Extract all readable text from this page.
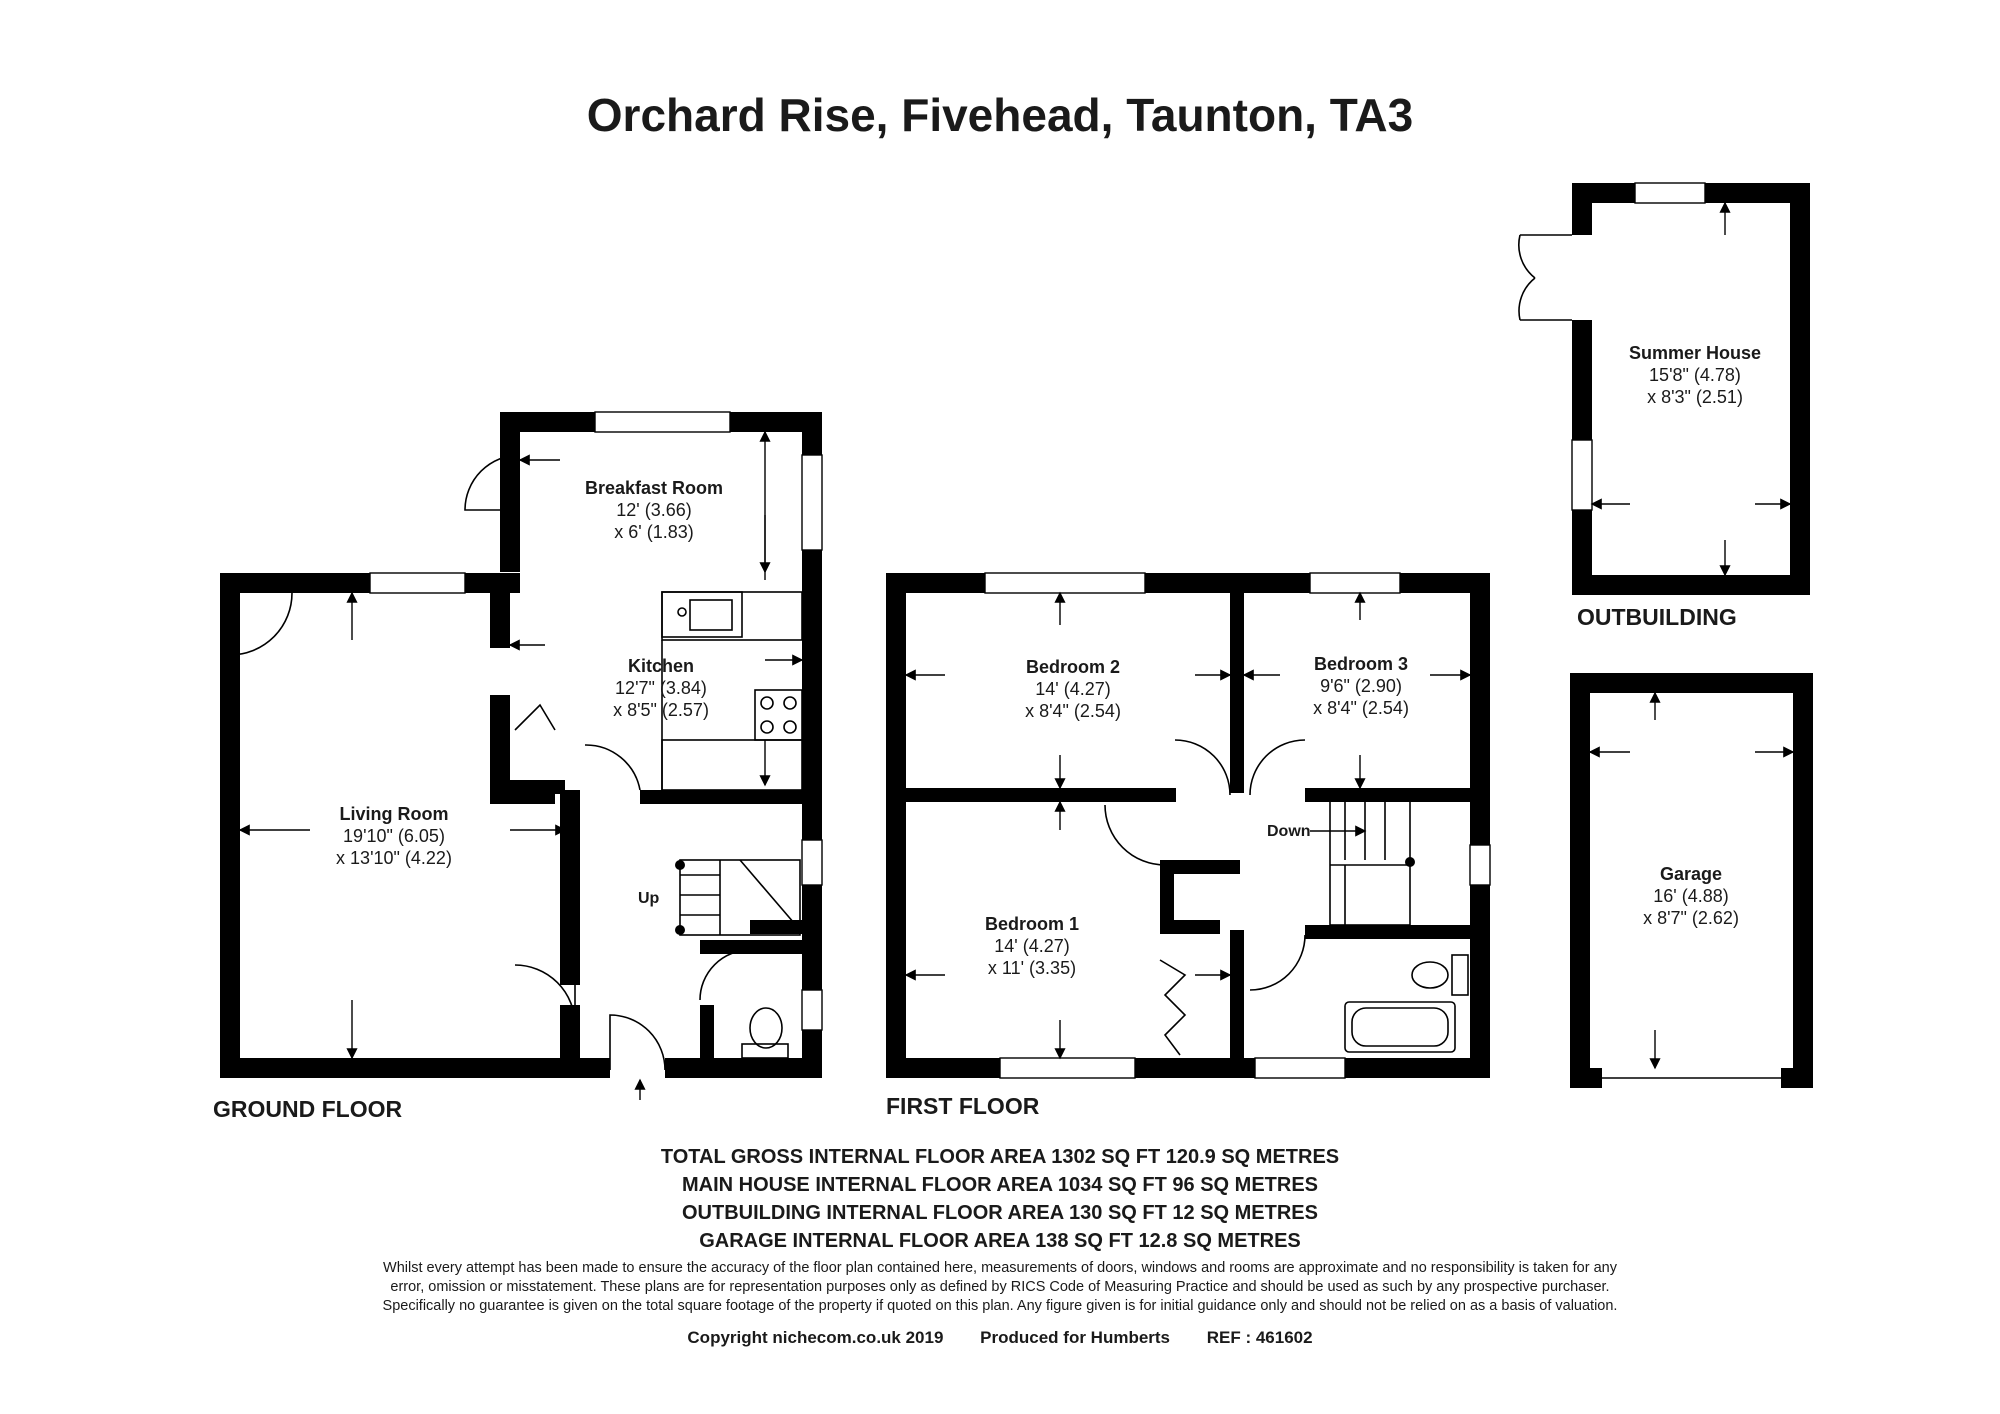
Orchard Rise, Fivehead, Taunton, TA3
Breakfast Room
12' (3.66)
x 6' (1.83)
Kitchen
12'7" (3.84)
x 8'5" (2.57)
Living Room
19'10" (6.05)
x 13'10" (4.22)
Bedroom 2
14' (4.27)
x 8'4" (2.54)
Bedroom 3
9'6" (2.90)
x 8'4" (2.54)
Bedroom 1
14' (4.27)
x 11' (3.35)
Summer House
15'8" (4.78)
x 8'3" (2.51)
Garage
16' (4.88)
x 8'7" (2.62)
Up
Down
GROUND FLOOR	FIRST FLOOR
OUTBUILDING
TOTAL GROSS INTERNAL FLOOR AREA 1302 SQ FT 120.9 SQ METRES
MAIN HOUSE INTERNAL FLOOR AREA 1034 SQ FT 96 SQ METRES
OUTBUILDING INTERNAL FLOOR AREA 130 SQ FT 12 SQ METRES
GARAGE INTERNAL FLOOR AREA 138 SQ FT 12.8 SQ METRES
Whilst every attempt has been made to ensure the accuracy of the floor plan contained here, measurements of doors, windows and rooms are approximate and no responsibility is taken for any
error, omission or misstatement. These plans are for representation purposes only as defined by RICS Code of Measuring Practice and should be used as such by any prospective purchaser.
Specifically no guarantee is given on the total square footage of the property if quoted on this plan. Any figure given is for initial guidance only and should not be relied on as a basis of valuation.
Copyright nichecom.co.uk 2019 Produced for Humberts REF : 461602
